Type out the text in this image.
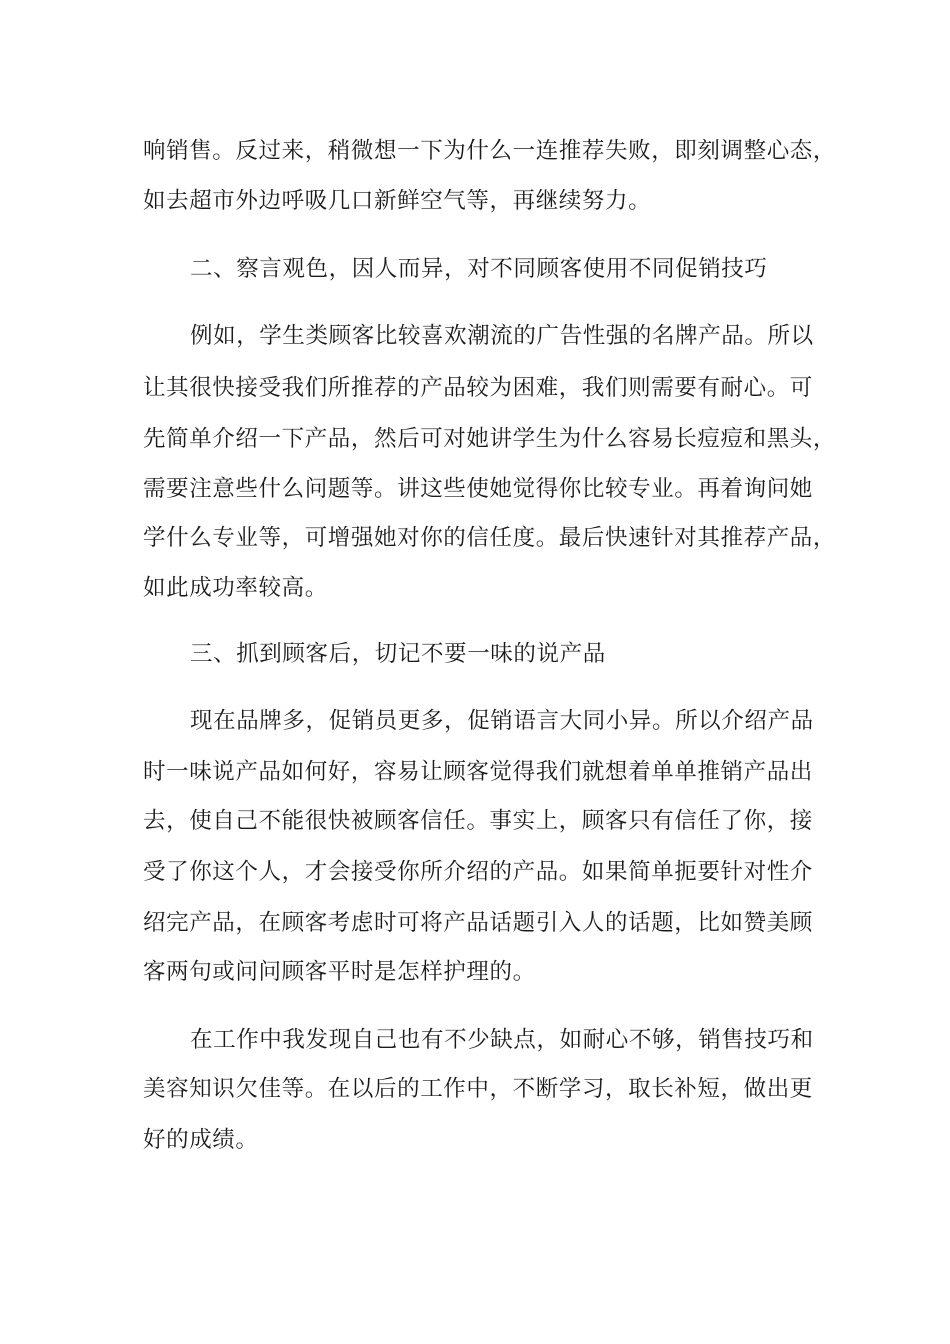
响销售。反过来，稍微想一下为什么一连推荐失败，即刻调整心态，
如去超市外边呼吸几口新鲜空气等，再继续努力。
二、察言观色，因人而异，对不同顾客使用不同促销技巧
例如，学生类顾客比较喜欢潮流的广告性强的名牌产品。所以
让其很快接受我们所推荐的产品较为困难，我们则需要有耐心。可
先简单介绍一下产品，然后可对她讲学生为什么容易长痘痘和黑头，
需要注意些什么问题等。讲这些使她觉得你比较专业。再着询问她
学什么专业等，可增强她对你的信任度。最后快速针对其推荐产品，
如此成功率较高。
三、抓到顾客后，切记不要一味的说产品
现在品牌多，促销员更多，促销语言大同小异。所以介绍产品
时一味说产品如何好，容易让顾客觉得我们就想着单单推销产品出
去，使自己不能很快被顾客信任。事实上，顾客只有信任了你，接
受了你这个人，才会接受你所介绍的产品。如果简单扼要针对性介
绍完产品，在顾客考虑时可将产品话题引入人的话题，比如赞美顾
客两句或问问顾客平时是怎样护理的。
在工作中我发现自己也有不少缺点，如耐心不够，销售技巧和
美容知识欠佳等。在以后的工作中，不断学习，取长补短，做出更
好的成绩。
